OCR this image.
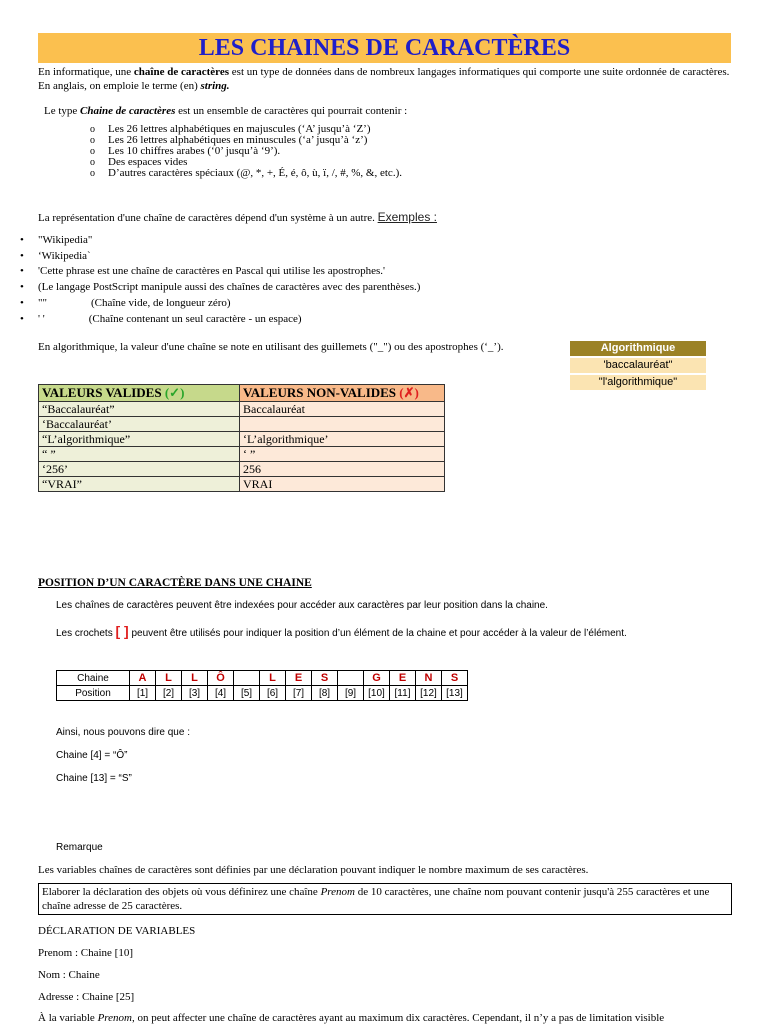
LES CHAINES DE CARACTÈRES
En informatique, une chaîne de caractères est un type de données dans de nombreux langages informatiques qui comporte une suite ordonnée de caractères. En anglais, on emploie le terme (en) string.
Le type Chaine de caractères est un ensemble de caractères qui pourrait contenir :
o Les 26 lettres alphabétiques en majuscules (‘A’ jusqu’à ‘Z’)
o Les 26 lettres alphabétiques en minuscules (‘a’ jusqu’à ‘z’)
o Les 10 chiffres arabes (‘0’ jusqu’à ‘9’).
o Des espaces vides
o D’autres caractères spéciaux (@, *, +, É, é, ô, ù, ï, /, #, %, &, etc.).
La représentation d'une chaîne de caractères dépend d'un système à un autre. Exemples :
• "Wikipedia"
• ‘Wikipedia`
• 'Cette phrase est une chaîne de caractères en Pascal qui utilise les apostrophes.'
• (Le langage PostScript manipule aussi des chaînes de caractères avec des parenthèses.)
• ""                (Chaîne vide, de longueur zéro)
• ' '                (Chaîne contenant un seul caractère - un espace)
En algorithmique, la valeur d'une chaîne se note en utilisant des guillemets ("_") ou des apostrophes (‘_’).	Algorithmique
'baccalauréat"
"l'algorithmique"
VALEURS VALIDES (✓)	VALEURS NON-VALIDES (✗)
“Baccalauréat”	Baccalauréat
‘Baccalauréat’	
“L’algorithmique”	‘L’algorithmique’
“ ”	‘ ”
‘256’	256
“VRAI”	VRAI
POSITION D’UN CARACTÈRE DANS UNE CHAINE
Les chaînes de caractères peuvent être indexées pour accéder aux caractères par leur position dans la chaine.
Les crochets [ ] peuvent être utilisés pour indiquer la position d’un élément de la chaine et pour accéder à la valeur de l’élément.
Chaine	A	L	L	Ô		L	E	S		G	E	N	S
Position	[1]	[2]	[3]	[4]	[5]	[6]	[7]	[8]	[9]	[10]	[11]	[12]	[13]
Ainsi, nous pouvons dire que :
Chaine [4] = “Ô”
Chaine [13] = “S”
Remarque
Les variables chaînes de caractères sont définies par une déclaration pouvant indiquer le nombre maximum de ses caractères.
Elaborer la déclaration des objets où vous définirez une chaîne Prenom de 10 caractères, une chaîne nom pouvant contenir jusqu'à 255 caractères et une chaîne adresse de 25 caractères.
DÉCLARATION DE VARIABLES
Prenom : Chaine [10]
Nom : Chaine
Adresse : Chaine [25]
À la variable Prenom, on peut affecter une chaîne de caractères ayant au maximum dix caractères. Cependant, il n’y a pas de limitation visible
